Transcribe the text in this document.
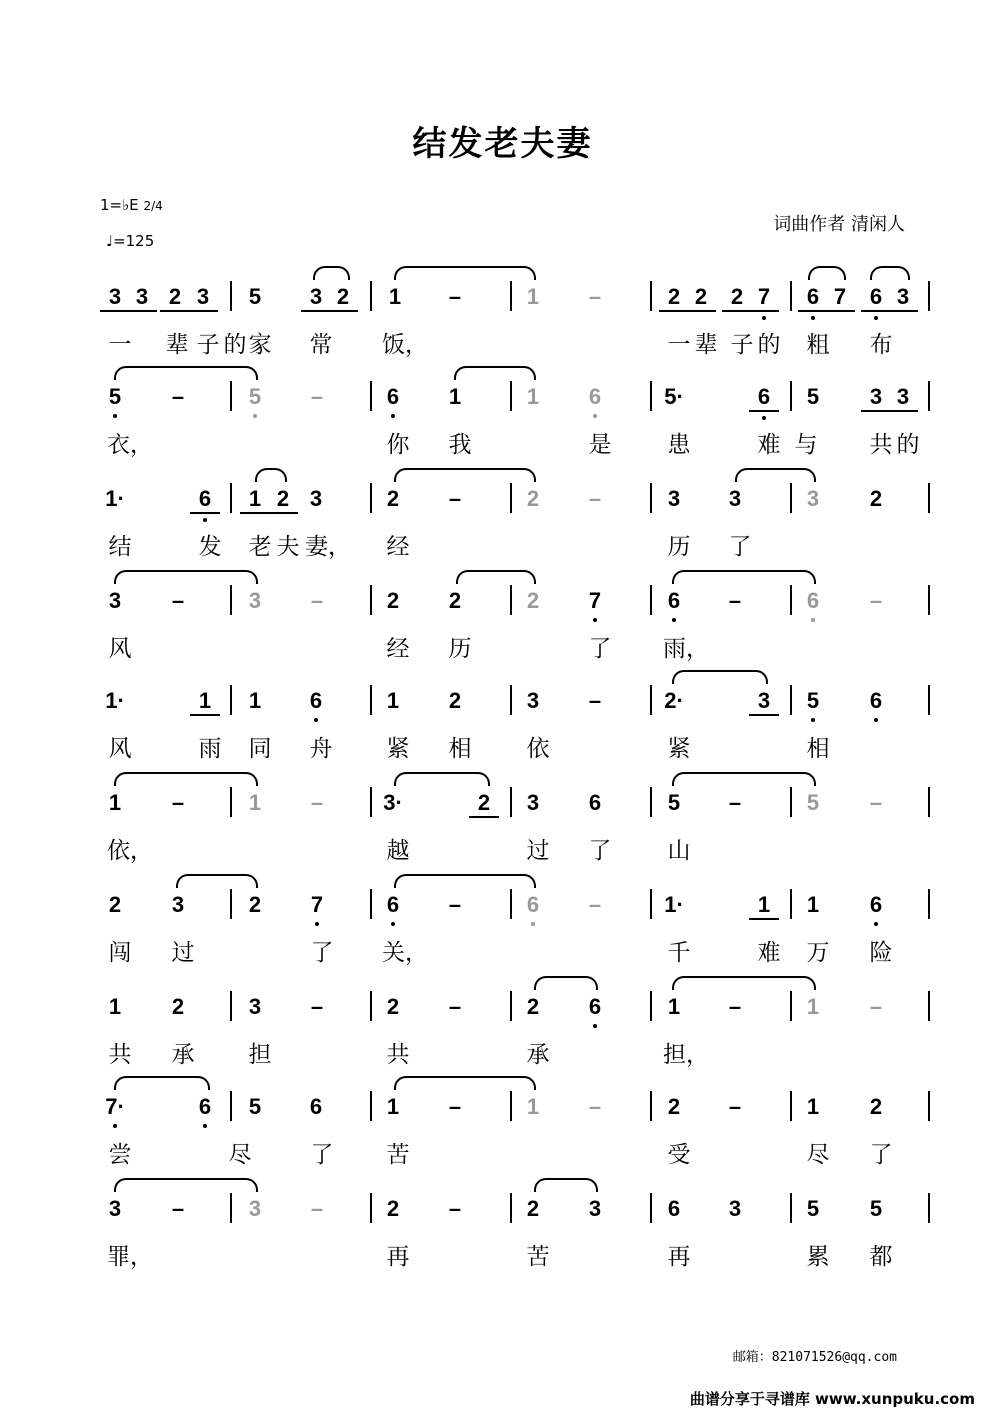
结发老夫妻
1=♭E 2/4
♩=125
词曲作者 清闲人
3 3 2 3	5	3 2	1	–	1	–	2 2	2 7	6 7	6 3
一 辈 子 的 家 常 饭，	一 辈 子 的 粗 布
5	–	5	–	6	1	1	6	5·	6	5	3 3
衣，	你 我	是 患	难 与 共 的
1·	6	1 2 3	2	–	2	–	3	3	3	2
结	发 老 夫 妻， 经	历 了
3	–	3	–	2	2	2	7	6	–	6	–
风	经 历	了 雨，
1·	1	1	6	1	2	3	–	2·	3	5	6
风	雨 同 舟 紧 相 依	紧	相
1	–	1	–	3·	2	3	6	5	–	5	–
依，	越	过 了 山
2	3	2	7	6	–	6	–	1·	1	1	6
闯 过	了 关，	千	难 万 险
1	2	3	–	2	–	2	6	1	–	1	–
共 承 担	共	承	担，
7·	6	5	6	1	–	1	–	2	–	1	2
尝	尽	了 苦	受	尽 了
3	–	3	–	2	–	2	3	6	3	5	5
罪，	再	苦	再	累 都
邮箱：821071526@qq.com
曲谱分享于寻谱库 www.xunpuku.com
